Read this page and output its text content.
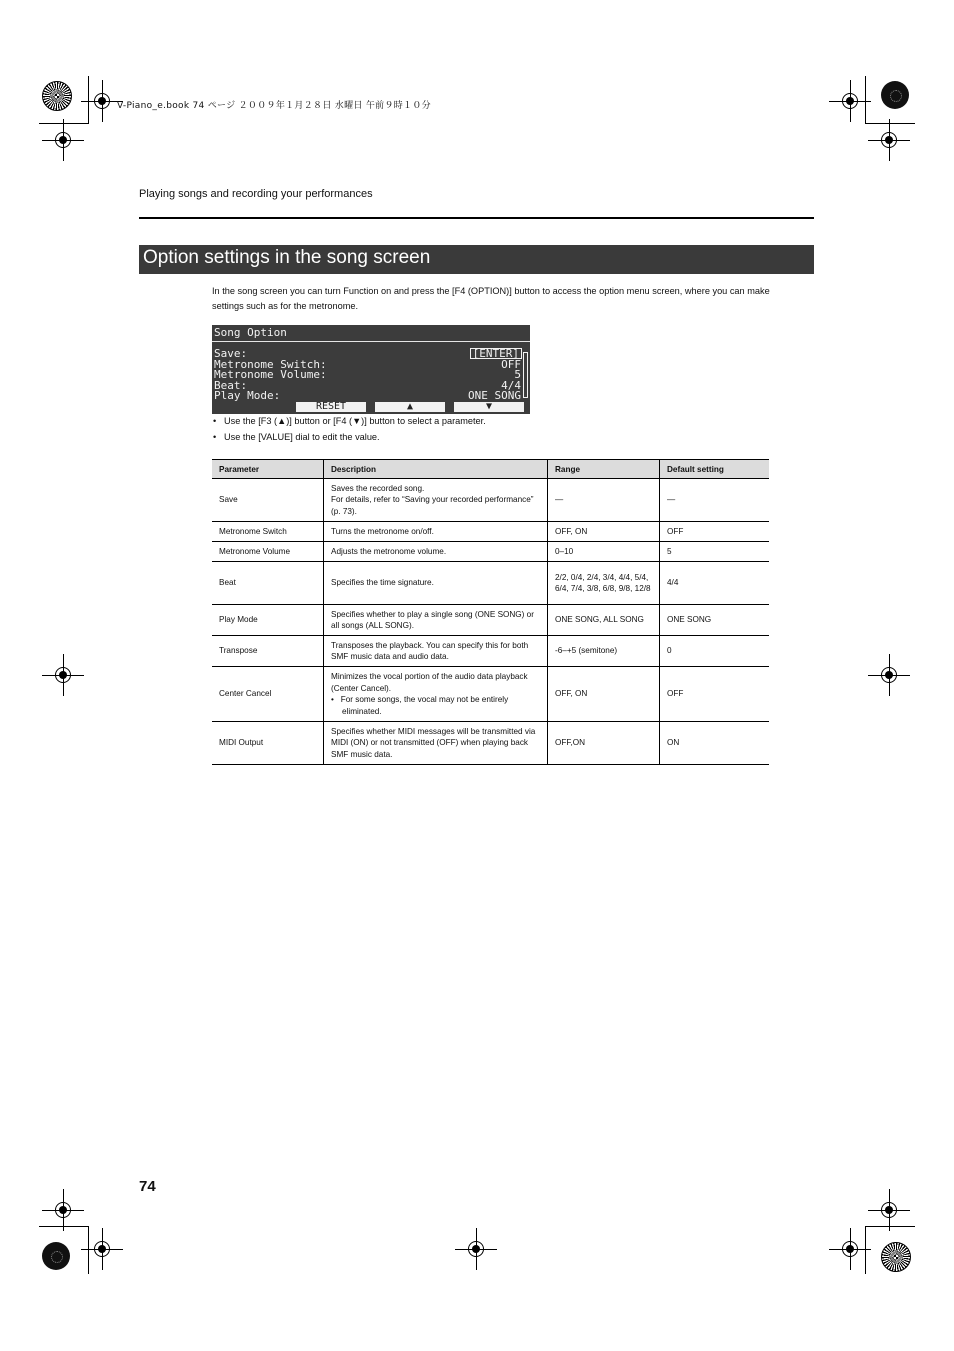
V-Piano_e.book 74 ページ ２００９年１月２８日 水曜日 午前９時１０分
Playing songs and recording your performances
Option settings in the song screen
In the song screen you can turn Function on and press the [F4 (OPTION)] button to access the option menu screen, where you can make settings such as for the metronome.
Song Option
Save:
Metronome Switch:
Metronome Volume:
Beat:
Play Mode:
[ENTER]
OFF
5
4/4
ONE SONG
RESET	▲	▼
• Use the [F3 (▲)] button or [F4 (▼)] button to select a parameter.
• Use the [VALUE] dial to edit the value.
Parameter	Description	Range	Default setting
Save	Saves the recorded song.
For details, refer to “Saving your recorded performance” (p. 73).	—	—
Metronome Switch	Turns the metronome on/off.	OFF, ON	OFF
Metronome Volume	Adjusts the metronome volume.	0–10	5
Beat	Specifies the time signature.	2/2, 0/4, 2/4, 3/4, 4/4, 5/4, 6/4, 7/4, 3/8, 6/8, 9/8, 12/8	4/4
Play Mode	Specifies whether to play a single song (ONE SONG) or all songs (ALL SONG).	ONE SONG, ALL SONG	ONE SONG
Transpose	Transposes the playback. You can specify this for both SMF music data and audio data.	-6–+5 (semitone)	0
Center Cancel	Minimizes the vocal portion of the audio data playback (Center Cancel).
•   For some songs, the vocal may not be entirely eliminated.	OFF, ON	OFF
MIDI Output	Specifies whether MIDI messages will be transmitted via MIDI (ON) or not transmitted (OFF) when playing back SMF music data.	OFF,ON	ON
74
